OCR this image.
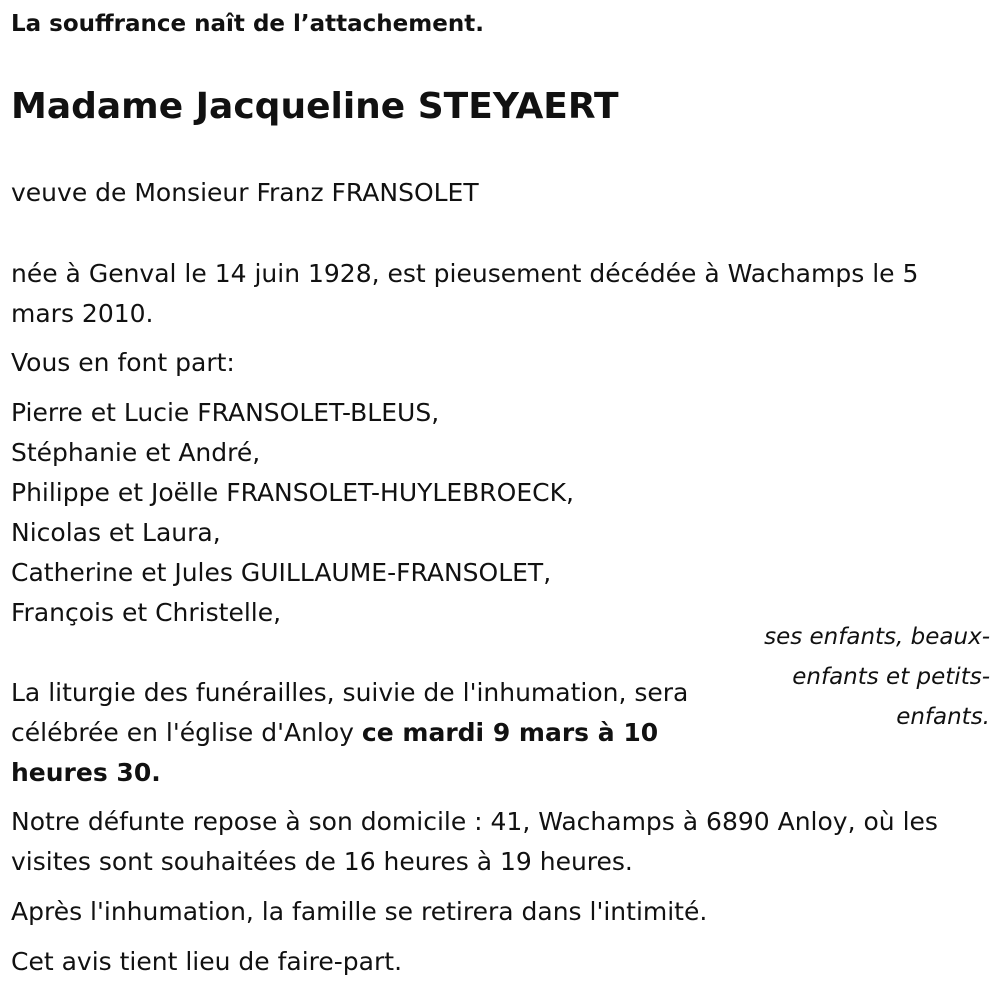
La souffrance naît de l’attachement.
Madame Jacqueline STEYAERT
veuve de Monsieur Franz FRANSOLET
née à Genval le 14 juin 1928, est pieusement décédée à Wachamps le 5
mars 2010.
Vous en font part:
Pierre et Lucie FRANSOLET-BLEUS,
Stéphanie et André,
Philippe et Joëlle FRANSOLET-HUYLEBROECK,
Nicolas et Laura,
Catherine et Jules GUILLAUME-FRANSOLET,
François et Christelle,
ses enfants, beaux-
enfants et petits-
enfants.
La liturgie des funérailles, suivie de l'inhumation, sera
célébrée en l'église d'Anloy ce mardi 9 mars à 10
heures 30.
Notre défunte repose à son domicile : 41, Wachamps à 6890 Anloy, où les
visites sont souhaitées de 16 heures à 19 heures.
Après l'inhumation, la famille se retirera dans l'intimité.
Cet avis tient lieu de faire-part.
